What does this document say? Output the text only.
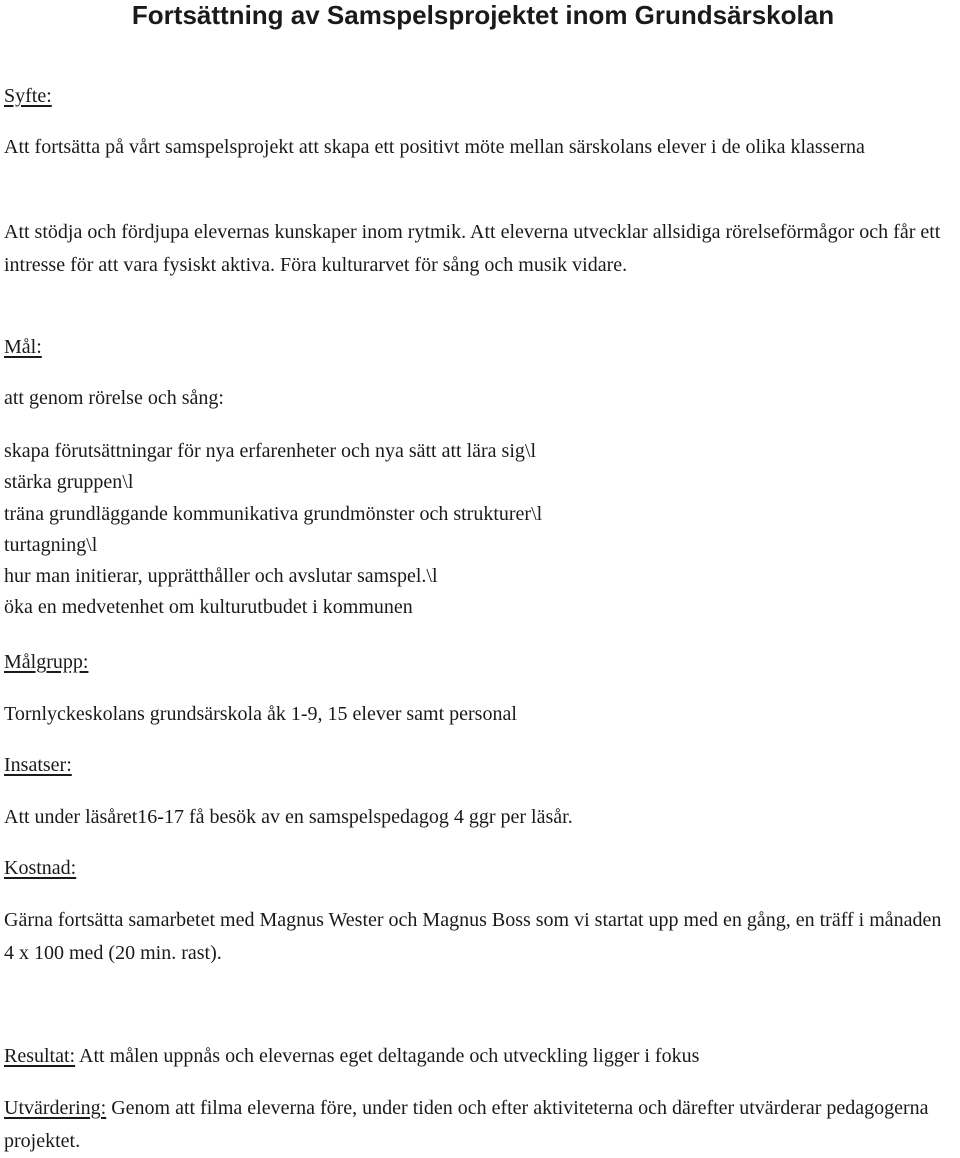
Fortsättning av Samspelsprojektet inom Grundsärskolan

Syfte:

Att fortsätta på vårt samspelsprojekt att skapa ett positivt möte mellan särskolans elever i de olika klasserna

Att stödja och fördjupa elevernas kunskaper inom rytmik. Att eleverna utvecklar allsidiga rörelseförmågor och får ett intresse för att vara fysiskt aktiva. Föra kulturarvet för sång och musik vidare.

Mål:

att genom rörelse och sång:

skapa förutsättningar för nya erfarenheter och nya sätt att lära sig\l
stärka gruppen\l
träna grundläggande kommunikativa grundmönster och strukturer\l
turtagning\l
hur man initierar, upprätthåller och avslutar samspel.\l
öka en medvetenhet om kulturutbudet i kommunen

Målgrupp:

Tornlyckeskolans grundsärskola åk 1-9, 15 elever samt personal

Insatser:

Att under läsåret16-17 få besök av en samspelspedagog 4 ggr per läsår.

Kostnad:

Gärna fortsätta samarbetet med Magnus Wester och Magnus Boss som vi startat upp med en gång, en träff i månaden 4 x 100 med (20 min. rast).

Resultat: Att målen uppnås och elevernas eget deltagande och utveckling ligger i fokus

Utvärdering: Genom att filma eleverna före, under tiden och efter aktiviteterna och därefter utvärderar pedagogerna projektet.
